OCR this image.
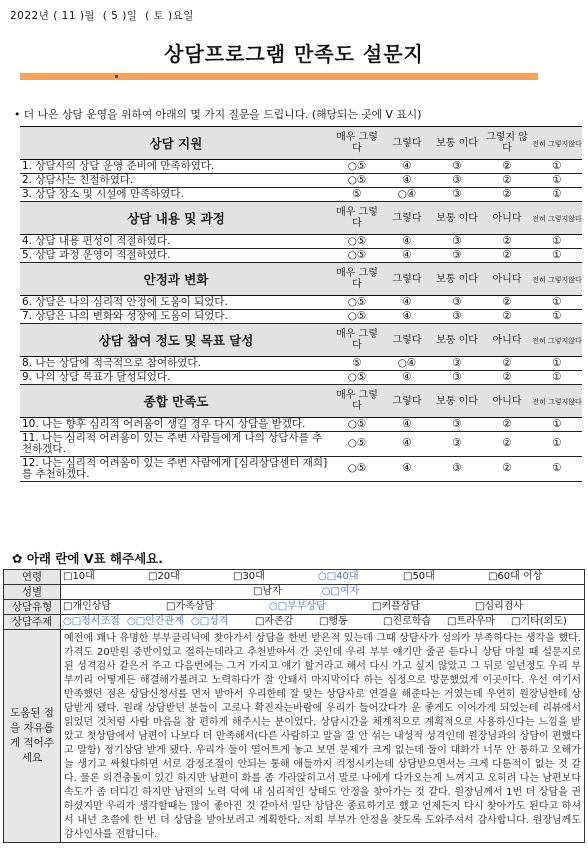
2022년 ( 11 )월  ( 5 )일  ( 토 )요일
상담프로그램 만족도 설문지
• 더 나은 상담 운영을 위하여 아래의 몇 가지 질문을 드립니다. (해당되는 곳에 V 표시)
상담 지원	매우 그렇다	그렇다	보통 이다	그렇지 않다	전혀 그렇지않다
1. 상담사의 상담 운영 준비에 만족하였다.	○⑤	④	③	②	①
2. 상담사는 친절하였다.	○⑤	④	③	②	①
3. 상담 장소 및 시설에 만족하였다.	⑤	○④	③	②	①
상담 내용 및 과정	매우 그렇다	그렇다	보통 이다	아니다	전혀 그렇지않다
4. 상담 내용 편성이 적절하였다.	○⑤	④	③	②	①
5. 상담 과정 운영이 적절하였다.	○⑤	④	③	②	①
안정과 변화	매우 그렇다	그렇다	보통 이다	아니다	전혀 그렇지않다
6. 상담은 나의 심리적 안정에 도움이 되었다.	○⑤	④	③	②	①
7. 상담은 나의 변화와 성장에 도움이 되었다.	○⑤	④	③	②	①
상담 참여 정도 및 목표 달성	매우 그렇다	그렇다	보통 이다	아니다	전혀 그렇지않다
8. 나는 상담에 적극적으로 참여하였다.	⑤	○④	③	②	①
9. 나의 상담 목표가 달성되었다.	○⑤	④	③	②	①
종합 만족도	매우 그렇다	그렇다	보통 이다	아니다	전혀 그렇지않다
10. 나는 향후 심리적 어려움이 생길 경우 다시 상담을 받겠다.	○⑤	④	③	②	①
11. 나는 심리적 어려움이 있는 주변 사람들에게 나의 상담사를 추천하겠다.	○⑤	④	③	②	①
12. 나는 심리적 어려움이 있는 주변 사람에게 [심리상담센터 재희]를 추천하겠다.	○⑤	④	③	②	①
✿ 아래 란에 V표 해주세요.
연령	□10대 □20대 □30대 ○□40대 □50대 □60대 이상
성별	□남자 ○□여자
상담유형	□개인상담 □가족상담 ○□부부상담 □커플상담 □심리검사
상담주제	○□정서조절 ○□인간관계 ○□성격 □자존감 □행동 □진로학습 □트라우마 □기타(외도)
도움된 점을 자유롭게 적어주세요	예전에 꽤나 유명한 부부클리닉에 찾아가서 상담을 한번 받은적 있는데 그때 상담사가 성의가 부족하다는 생각을 했다. 가격도 20만원 중반이었고 절하는데라고 추천받아서 간 곳인데 우리 부부 얘기만 줄곧 듣다니 상담 마칠 때 설문지로 된 성격검사 같은거 주고 다음번에는 그거 가지고 얘기 할거라고 해서 다시 가고 싶지 않았고 그 뒤로 일년정도 우리 부부끼리 어떻게든 해결해가볼려고 노력하다가 잘 안돼서 마지막이다 하는 심정으로 방문했었게 이곳이다. 우선 여기서 만족했던 점은 상담신청서를 먼저 받아서 우리한테 잘 맞는 상담사로 연결을 해준다는 거였는데 우연히 원장님한테 상담받게 됐다. 원래 상담받던 분들이 고로나 확진자는바람에 우리가 들어갔다가 운 좋게도 이어가게 되었는데 리뷰에서 읽었던 것처럼 사람 마음을 참 편하게 해주시는 분이었다. 상담시간을 체계적으로 계획적으로 사용하신다는 느낌을 받았고 첫상담에서 남편이 나보다 더 만족해서(다른 사람하고 말을 잘 안 섞는 내성적 성격인데 원장님과의 상담이 편했다고 말함) 정기상담 받게 됐다. 우리가 둘이 떨어트게 놓고 보면 문제가 크게 없는데 둘이 대화가 너무 안 통하고 오해가 늘 생기고 싸웠다하면 서로 감정조절이 안되는 통해 애들까지 걱정시키는데 상담받으면서는 크게 다툰적이 없는 것 같다. 물론 의견충돌이 있긴 하지만 남편이 화를 좀 가라앉히고서 말로 나에게 다가오는게 느껴지고 오히려 나는 남편보다 속도가 좀 더디긴 하지만 남편의 노력 덕에 내 심리적인 상태도 안정을 찾아가는 것 같다. 원장님께서 1번 더 상담을 권하셨지만 우리가 생각할때는 많이 좋아진 것 같아서 일단 상담은 종료하기로 했고 언제든지 다시 찾아가도 된다고 하셔서 내년 초쯤에 한 번 더 상담을 받아보려고 계획한다. 저희 부부가 안정을 찾도록 도와주셔서 감사합니다. 원장님께도 감사인사를 전합니다.
